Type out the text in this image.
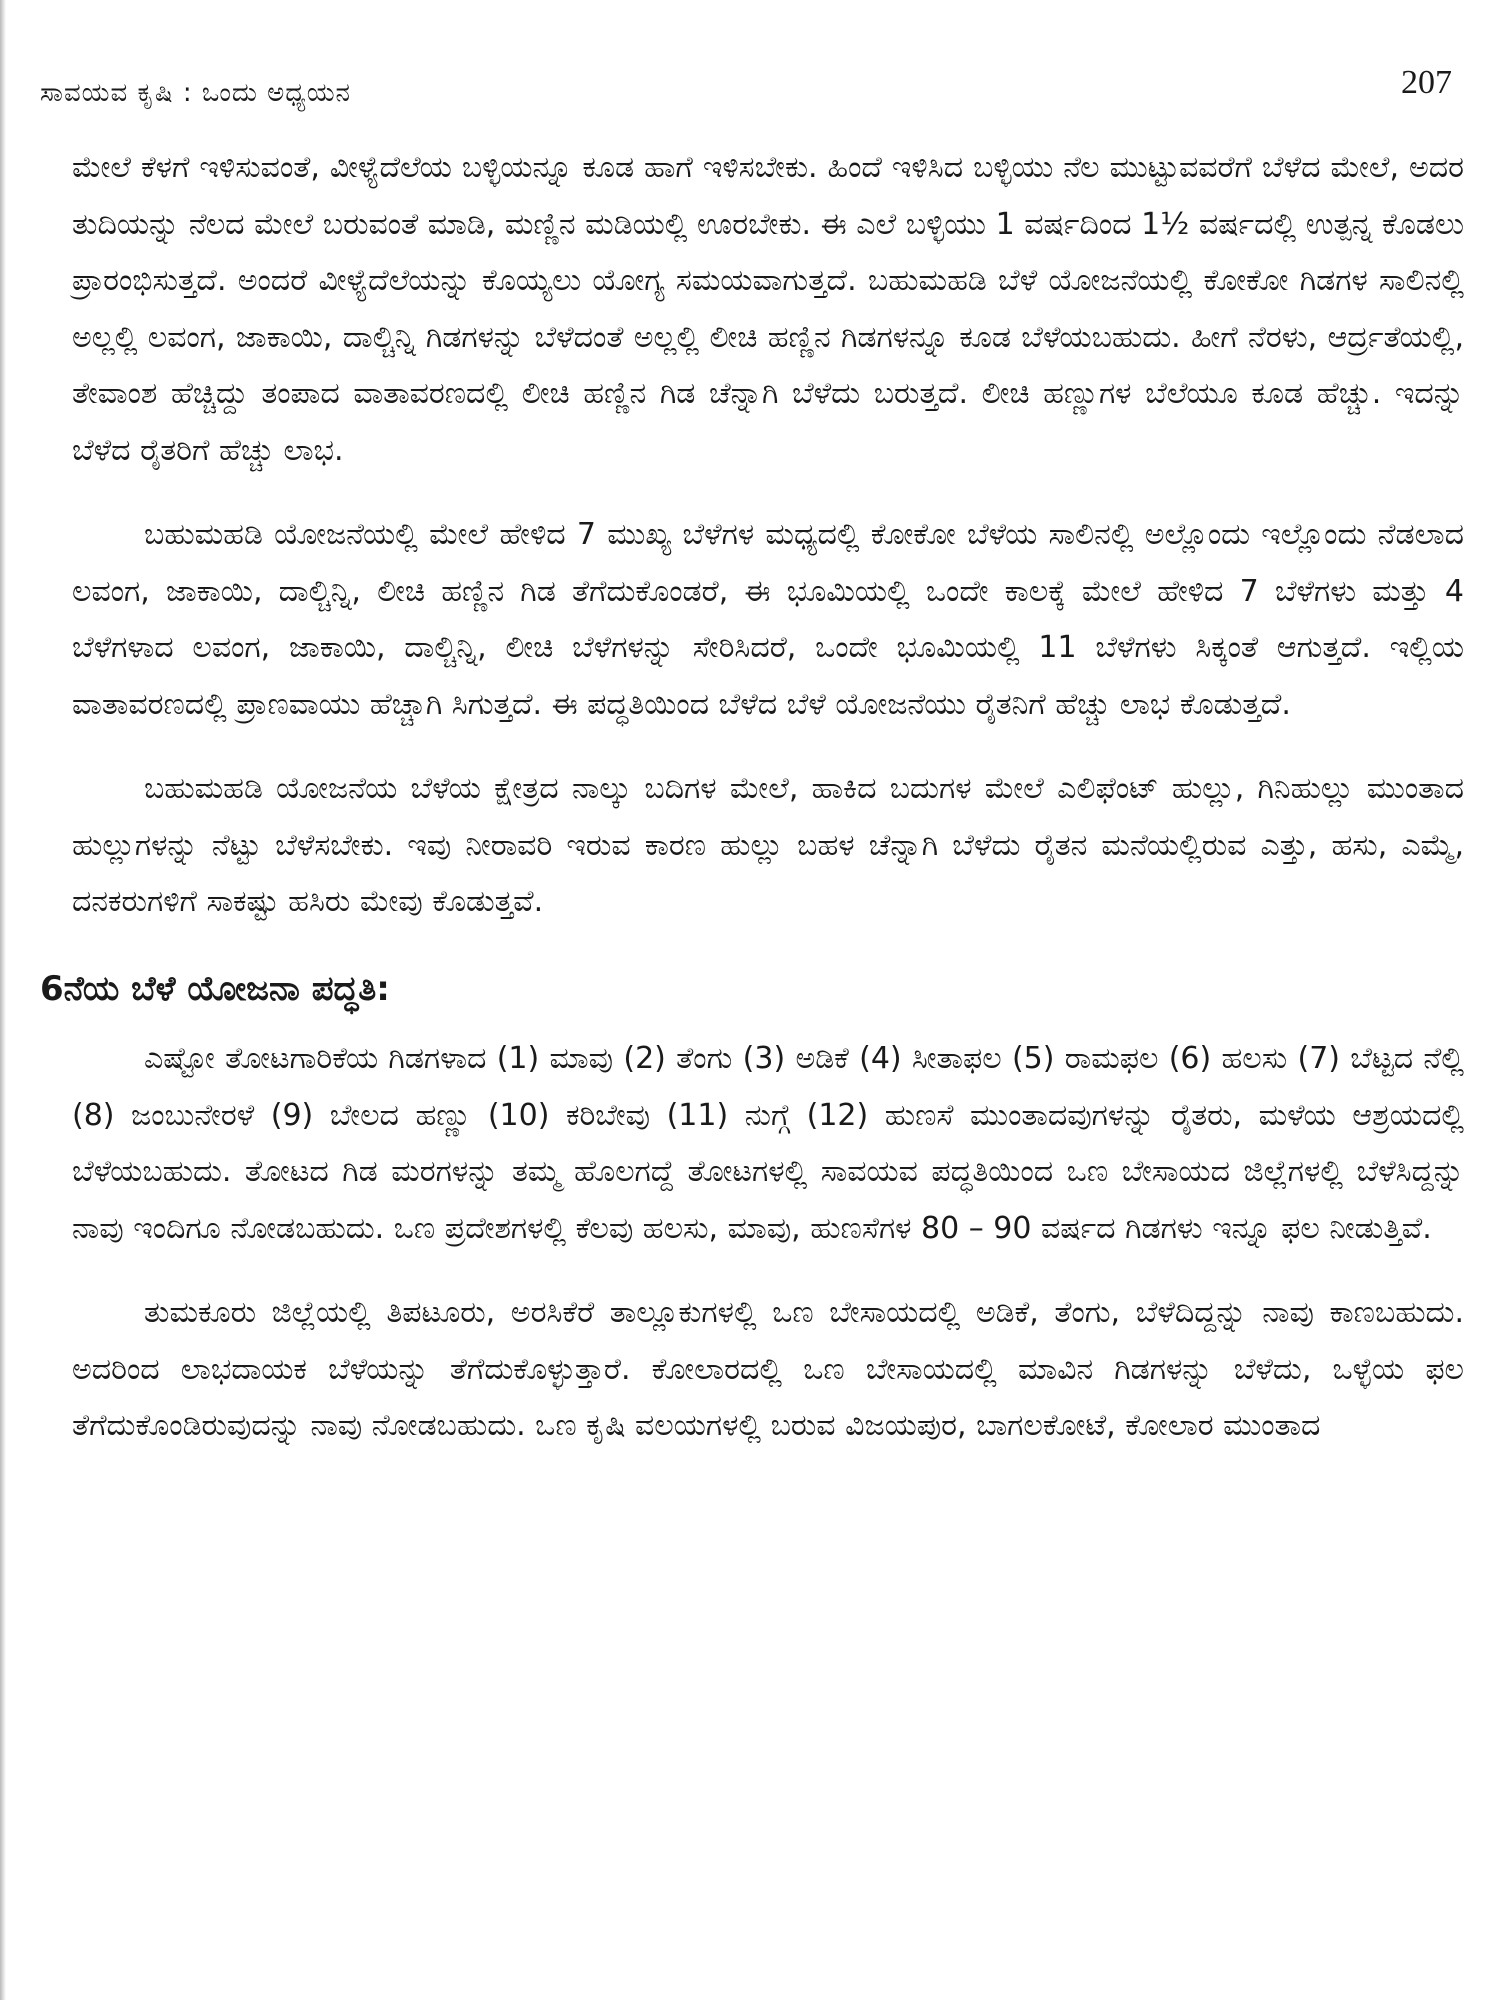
ಸಾವಯವ ಕೃಷಿ : ಒಂದು ಅಧ್ಯಯನ	207

ಮೇಲೆ ಕೆಳಗೆ ಇಳಿಸುವಂತೆ, ವೀಳ್ಯೆದೆಲೆಯ ಬಳ್ಳಿಯನ್ನೂ ಕೂಡ ಹಾಗೆ ಇಳಿಸಬೇಕು. ಹಿಂದೆ ಇಳಿಸಿದ ಬಳ್ಳಿಯು ನೆಲ ಮುಟ್ಟುವವರೆಗೆ ಬೆಳೆದ ಮೇಲೆ, ಅದರ ತುದಿಯನ್ನು ನೆಲದ ಮೇಲೆ ಬರುವಂತೆ ಮಾಡಿ, ಮಣ್ಣಿನ ಮಡಿಯಲ್ಲಿ ಊರಬೇಕು. ಈ ಎಲೆ ಬಳ್ಳಿಯು 1 ವರ್ಷದಿಂದ 1½ ವರ್ಷದಲ್ಲಿ ಉತ್ಪನ್ನ ಕೊಡಲು ಪ್ರಾರಂಭಿಸುತ್ತದೆ. ಅಂದರೆ ವೀಳ್ಯೆದೆಲೆಯನ್ನು ಕೊಯ್ಯಲು ಯೋಗ್ಯ ಸಮಯವಾಗುತ್ತದೆ. ಬಹುಮಹಡಿ ಬೆಳೆ ಯೋಜನೆಯಲ್ಲಿ ಕೋಕೋ ಗಿಡಗಳ ಸಾಲಿನಲ್ಲಿ ಅಲ್ಲಲ್ಲಿ ಲವಂಗ, ಜಾಕಾಯಿ, ದಾಲ್ಚಿನ್ನಿ ಗಿಡಗಳನ್ನು ಬೆಳೆದಂತೆ ಅಲ್ಲಲ್ಲಿ ಲೀಚಿ ಹಣ್ಣಿನ ಗಿಡಗಳನ್ನೂ ಕೂಡ ಬೆಳೆಯಬಹುದು. ಹೀಗೆ ನೆರಳು, ಆರ್ದ್ರತೆಯಲ್ಲಿ, ತೇವಾಂಶ ಹೆಚ್ಚಿದ್ದು ತಂಪಾದ ವಾತಾವರಣದಲ್ಲಿ ಲೀಚಿ ಹಣ್ಣಿನ ಗಿಡ ಚೆನ್ನಾಗಿ ಬೆಳೆದು ಬರುತ್ತದೆ. ಲೀಚಿ ಹಣ್ಣುಗಳ ಬೆಲೆಯೂ ಕೂಡ ಹೆಚ್ಚು. ಇದನ್ನು ಬೆಳೆದ ರೈತರಿಗೆ ಹೆಚ್ಚು ಲಾಭ.

ಬಹುಮಹಡಿ ಯೋಜನೆಯಲ್ಲಿ ಮೇಲೆ ಹೇಳಿದ 7 ಮುಖ್ಯ ಬೆಳೆಗಳ ಮಧ್ಯದಲ್ಲಿ ಕೋಕೋ ಬೆಳೆಯ ಸಾಲಿನಲ್ಲಿ ಅಲ್ಲೊಂದು ಇಲ್ಲೊಂದು ನೆಡಲಾದ ಲವಂಗ, ಜಾಕಾಯಿ, ದಾಲ್ಚಿನ್ನಿ, ಲೀಚಿ ಹಣ್ಣಿನ ಗಿಡ ತೆಗೆದುಕೊಂಡರೆ, ಈ ಭೂಮಿಯಲ್ಲಿ ಒಂದೇ ಕಾಲಕ್ಕೆ ಮೇಲೆ ಹೇಳಿದ 7 ಬೆಳೆಗಳು ಮತ್ತು 4 ಬೆಳೆಗಳಾದ ಲವಂಗ, ಜಾಕಾಯಿ, ದಾಲ್ಚಿನ್ನಿ, ಲೀಚಿ ಬೆಳೆಗಳನ್ನು ಸೇರಿಸಿದರೆ, ಒಂದೇ ಭೂಮಿಯಲ್ಲಿ 11 ಬೆಳೆಗಳು ಸಿಕ್ಕಂತೆ ಆಗುತ್ತದೆ. ಇಲ್ಲಿಯ ವಾತಾವರಣದಲ್ಲಿ ಪ್ರಾಣವಾಯು ಹೆಚ್ಚಾಗಿ ಸಿಗುತ್ತದೆ. ಈ ಪದ್ಧತಿಯಿಂದ ಬೆಳೆದ ಬೆಳೆ ಯೋಜನೆಯು ರೈತನಿಗೆ ಹೆಚ್ಚು ಲಾಭ ಕೊಡುತ್ತದೆ.

ಬಹುಮಹಡಿ ಯೋಜನೆಯ ಬೆಳೆಯ ಕ್ಷೇತ್ರದ ನಾಲ್ಕು ಬದಿಗಳ ಮೇಲೆ, ಹಾಕಿದ ಬದುಗಳ ಮೇಲೆ ಎಲಿಫೆಂಟ್ ಹುಲ್ಲು, ಗಿನಿಹುಲ್ಲು ಮುಂತಾದ ಹುಲ್ಲುಗಳನ್ನು ನೆಟ್ಟು ಬೆಳೆಸಬೇಕು. ಇವು ನೀರಾವರಿ ಇರುವ ಕಾರಣ ಹುಲ್ಲು ಬಹಳ ಚೆನ್ನಾಗಿ ಬೆಳೆದು ರೈತನ ಮನೆಯಲ್ಲಿರುವ ಎತ್ತು, ಹಸು, ಎಮ್ಮೆ, ದನಕರುಗಳಿಗೆ ಸಾಕಷ್ಟು ಹಸಿರು ಮೇವು ಕೊಡುತ್ತವೆ.

6ನೆಯ ಬೆಳೆ ಯೋಜನಾ ಪದ್ಧತಿ:

ಎಷ್ಟೋ ತೋಟಗಾರಿಕೆಯ ಗಿಡಗಳಾದ (1) ಮಾವು (2) ತೆಂಗು (3) ಅಡಿಕೆ (4) ಸೀತಾಫಲ (5) ರಾಮಫಲ (6) ಹಲಸು (7) ಬೆಟ್ಟದ ನೆಲ್ಲಿ (8) ಜಂಬುನೇರಳೆ (9) ಬೇಲದ ಹಣ್ಣು (10) ಕರಿಬೇವು (11) ನುಗ್ಗೆ (12) ಹುಣಸೆ ಮುಂತಾದವುಗಳನ್ನು ರೈತರು, ಮಳೆಯ ಆಶ್ರಯದಲ್ಲಿ ಬೆಳೆಯಬಹುದು. ತೋಟದ ಗಿಡ ಮರಗಳನ್ನು ತಮ್ಮ ಹೊಲಗದ್ದೆ ತೋಟಗಳಲ್ಲಿ ಸಾವಯವ ಪದ್ಧತಿಯಿಂದ ಒಣ ಬೇಸಾಯದ ಜಿಲ್ಲೆಗಳಲ್ಲಿ ಬೆಳೆಸಿದ್ದನ್ನು ನಾವು ಇಂದಿಗೂ ನೋಡಬಹುದು. ಒಣ ಪ್ರದೇಶಗಳಲ್ಲಿ ಕೆಲವು ಹಲಸು, ಮಾವು, ಹುಣಸೆಗಳ 80 – 90 ವರ್ಷದ ಗಿಡಗಳು ಇನ್ನೂ ಫಲ ನೀಡುತ್ತಿವೆ.

ತುಮಕೂರು ಜಿಲ್ಲೆಯಲ್ಲಿ ತಿಪಟೂರು, ಅರಸಿಕೆರೆ ತಾಲ್ಲೂಕುಗಳಲ್ಲಿ ಒಣ ಬೇಸಾಯದಲ್ಲಿ ಅಡಿಕೆ, ತೆಂಗು, ಬೆಳೆದಿದ್ದನ್ನು ನಾವು ಕಾಣಬಹುದು. ಅದರಿಂದ ಲಾಭದಾಯಕ ಬೆಳೆಯನ್ನು ತೆಗೆದುಕೊಳ್ಳುತ್ತಾರೆ. ಕೋಲಾರದಲ್ಲಿ ಒಣ ಬೇಸಾಯದಲ್ಲಿ ಮಾವಿನ ಗಿಡಗಳನ್ನು ಬೆಳೆದು, ಒಳ್ಳೆಯ ಫಲ ತೆಗೆದುಕೊಂಡಿರುವುದನ್ನು ನಾವು ನೋಡಬಹುದು. ಒಣ ಕೃಷಿ ವಲಯಗಳಲ್ಲಿ ಬರುವ ವಿಜಯಪುರ, ಬಾಗಲಕೋಟೆ, ಕೋಲಾರ ಮುಂತಾದ
